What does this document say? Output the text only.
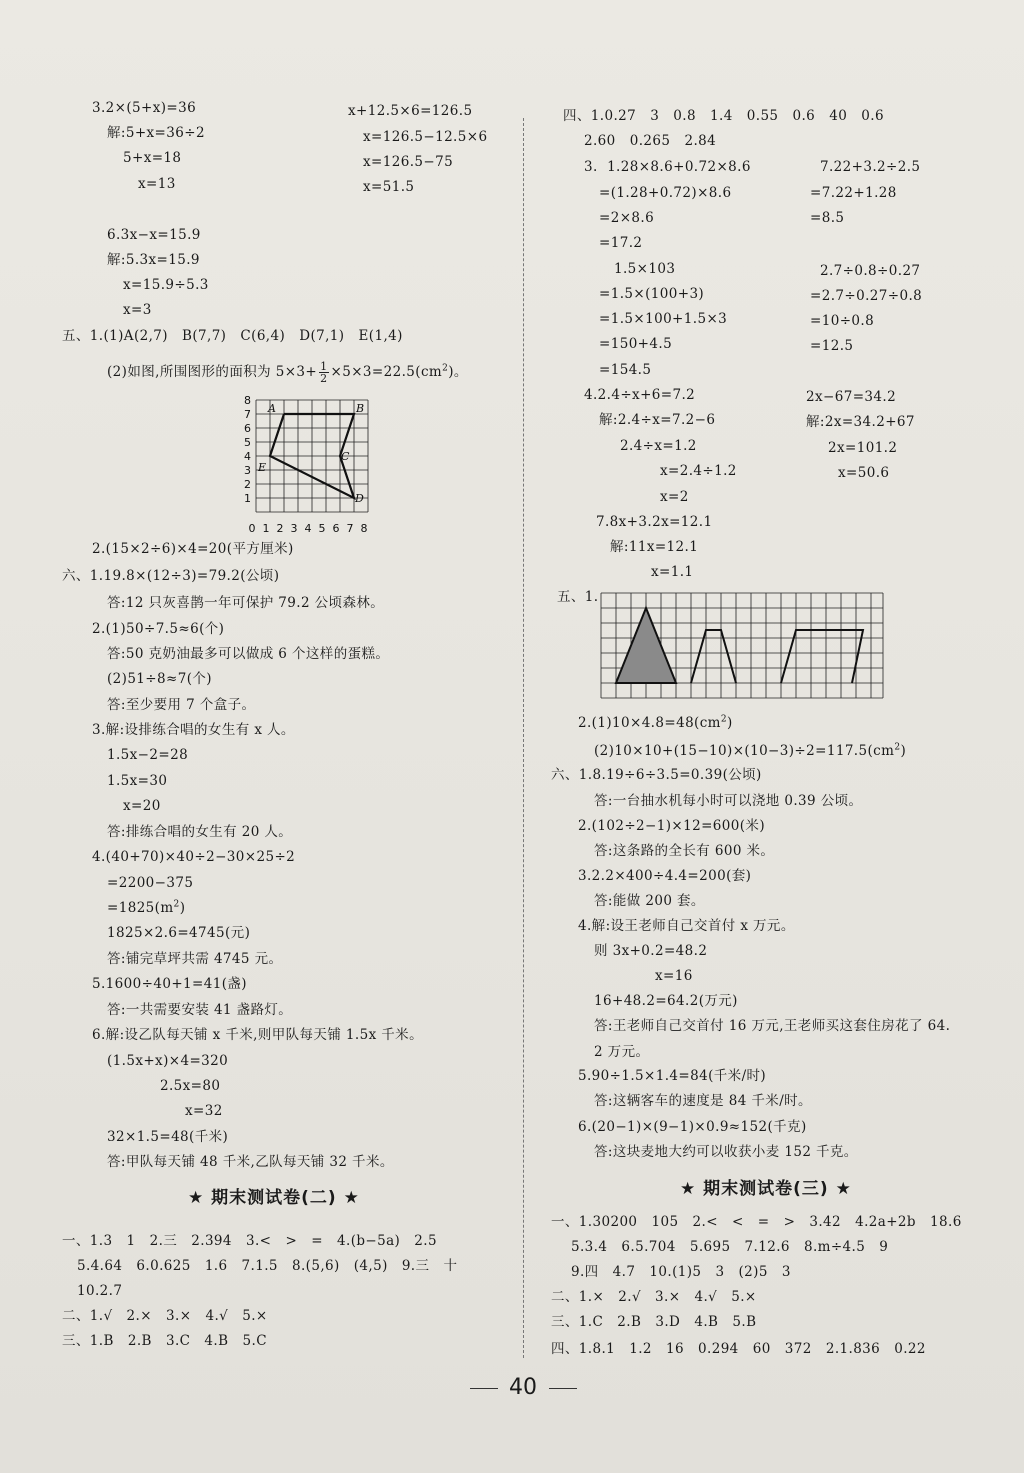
3.2×(5+x)=36	x+12.5×6=126.5
解:5+x=36÷2	x=126.5−12.5×6
5+x=18	x=126.5−75
x=13	x=51.5
6.3x−x=15.9
解:5.3x=15.9
x=15.9÷5.3
x=3
五、1.(1)A(2,7)   B(7,7)   C(6,4)   D(7,1)   E(1,4)
(2)如图,所围图形的面积为 $5\times 3+ \frac{1}{2} \times 5\times 3=22.5(cm^2)$。
A	B
C
D
E
1
2
3
4
5
6
7
8
0 1 2 3 4 5 6 7 8
2.(15×2÷6)×4=20(平方厘米)
六、1.19.8×(12÷3)=79.2(公顷)
答:12 只灰喜鹊一年可保护 79.2 公顷森林。
2.(1)50÷7.5≈6(个)
答:50 克奶油最多可以做成 6 个这样的蛋糕。
(2)51÷8≈7(个)
答:至少要用 7 个盒子。
3.解:设排练合唱的女生有 x 人。
1.5x−2=28
1.5x=30
x=20
答:排练合唱的女生有 20 人。
4.(40+70)×40÷2−30×25÷2
=2200−375
$=1825(m^2)$
1825×2.6=4745(元)
答:铺完草坪共需 4745 元。
5.1600÷40+1=41(盏)
答:一共需要安装 41 盏路灯。
6.解:设乙队每天铺 x 千米,则甲队每天铺 1.5x 千米。
(1.5x+x)×4=320
2.5x=80
x=32
32×1.5=48(千米)
答:甲队每天铺 48 千米,乙队每天铺 32 千米。
★ 期末测试卷(二) ★
一、1.3   1   2.三   2.394   3.<   >   =   4.(b−5a)   2.5
5.4.64   6.0.625   1.6   7.1.5   8.(5,6)   (4,5)   9.三   十
10.2.7
二、1.√   2.×   3.×   4.√   5.×
三、1.B   2.B   3.C   4.B   5.C
四、1.0.27   3   0.8   1.4   0.55   0.6   40   0.6
2.60   0.265   2.84
3.  1.28×8.6+0.72×8.6	7.22+3.2÷2.5
=(1.28+0.72)×8.6	=7.22+1.28
=2×8.6	=8.5
=17.2
1.5×103	2.7÷0.8÷0.27
=1.5×(100+3)	=2.7÷0.27÷0.8
=1.5×100+1.5×3	=10÷0.8
=150+4.5	=12.5
=154.5
4.2.4÷x+6=7.2	2x−67=34.2
解:2.4÷x=7.2−6	解:2x=34.2+67
2.4÷x=1.2	2x=101.2
x=2.4÷1.2	x=50.6
x=2
7.8x+3.2x=12.1
解:11x=12.1
x=1.1
五、1.
$2.(1)10\times 4.8=48(cm^2)$
$(2)10\times 10+(15-10)\times(10-3)\div 2=117.5(cm^2)$
六、1.8.19÷6÷3.5=0.39(公顷)
答:一台抽水机每小时可以浇地 0.39 公顷。
2.(102÷2−1)×12=600(米)
答:这条路的全长有 600 米。
3.2.2×400÷4.4=200(套)
答:能做 200 套。
4.解:设王老师自己交首付 x 万元。
则 3x+0.2=48.2
x=16
16+48.2=64.2(万元)
答:王老师自己交首付 16 万元,王老师买这套住房花了 64.
2 万元。
5.90÷1.5×1.4=84(千米/时)
答:这辆客车的速度是 84 千米/时。
6.(20−1)×(9−1)×0.9≈152(千克)
答:这块麦地大约可以收获小麦 152 千克。
★ 期末测试卷(三) ★
一、1.30200   105   2.<   <   =   >   3.42   4.2a+2b   18.6
5.3.4   6.5.704   5.695   7.12.6   8.m÷4.5   9
9.四   4.7   10.(1)5   3   (2)5   3
二、1.×   2.√   3.×   4.√   5.×
三、1.C   2.B   3.D   4.B   5.B
四、1.8.1   1.2   16   0.294   60   372   2.1.836   0.22
40
